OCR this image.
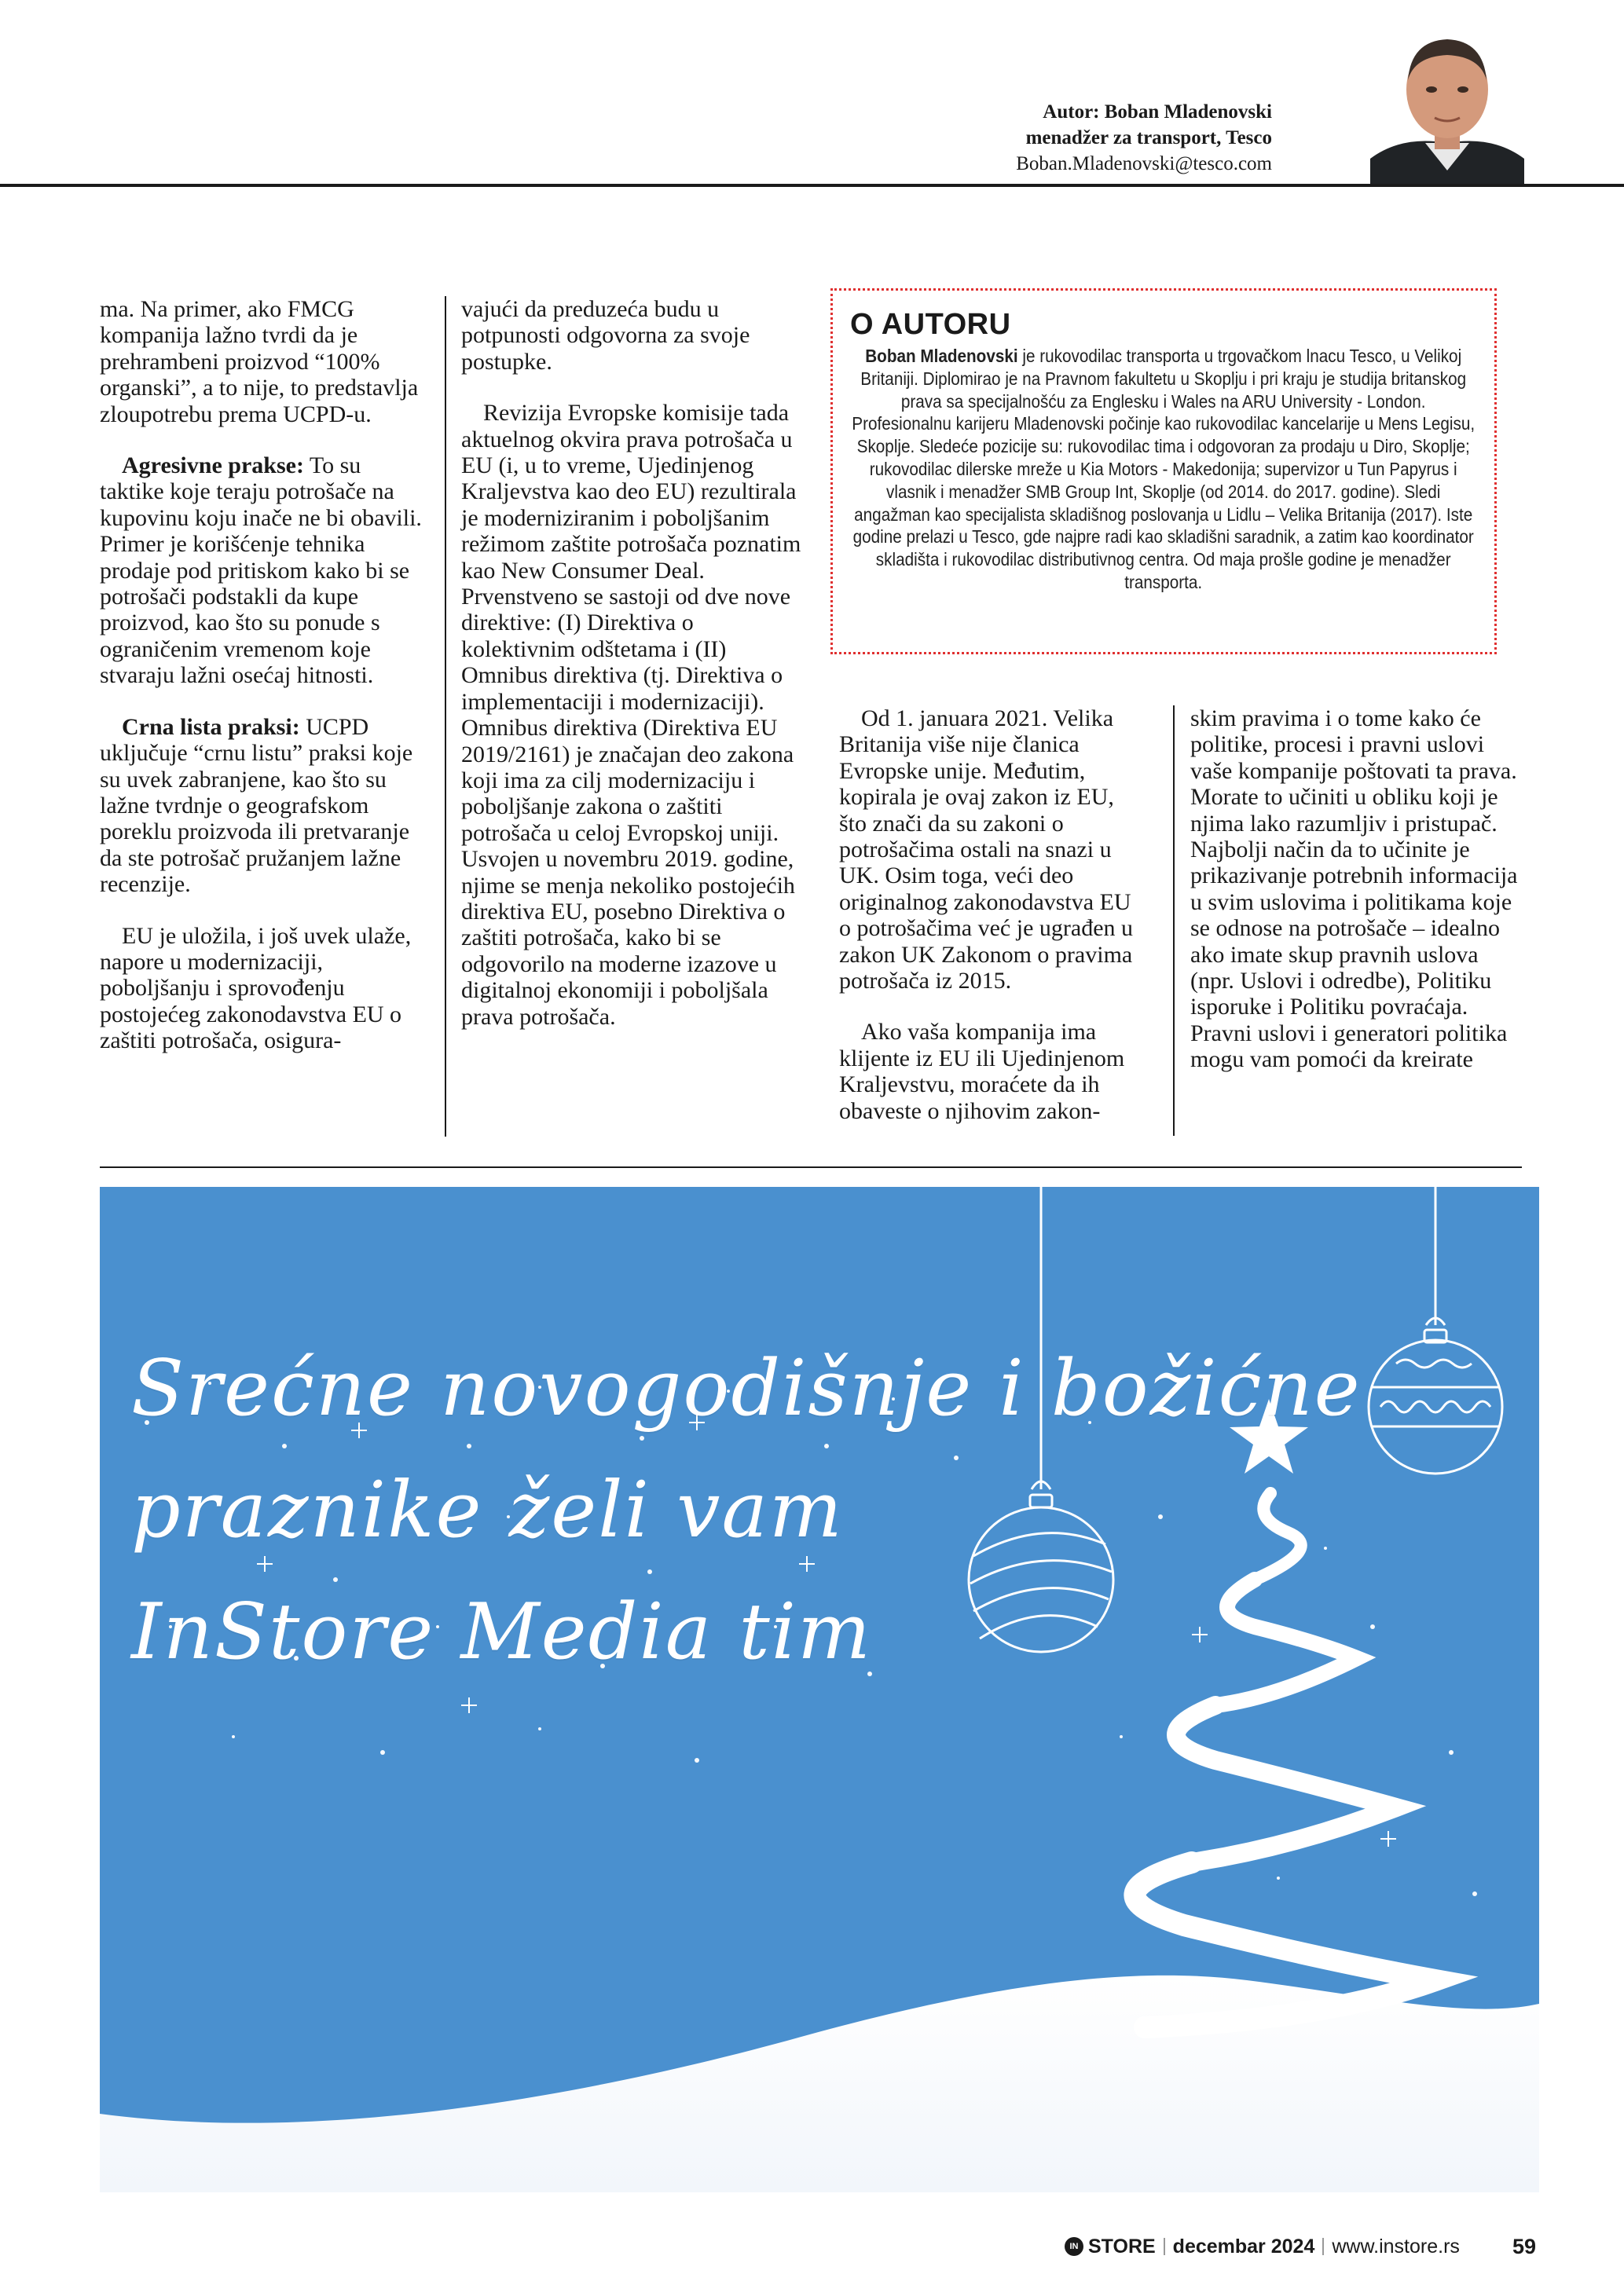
Autor: Boban Mladenovski
menadžer za transport, Tesco
Boban.Mladenovski@tesco.com

ma. Na primer, ako FMCG kompanija lažno tvrdi da je prehrambeni proizvod “100% organski”, a to nije, to predstavlja zloupotrebu prema UCPD-u.

Agresivne prakse: To su taktike koje teraju potrošače na kupovinu koju inače ne bi obavili. Primer je korišćenje tehnika prodaje pod pritiskom kako bi se potrošači podstakli da kupe proizvod, kao što su ponude s ograničenim vremenom koje stvaraju lažni osećaj hitnosti.

Crna lista praksi: UCPD uključuje “crnu listu” praksi koje su uvek zabranjene, kao što su lažne tvrdnje o geografskom poreklu proizvoda ili pretvaranje da ste potrošač pružanjem lažne recenzije.

EU je uložila, i još uvek ulaže, napore u modernizaciji, poboljšanju i sprovođenju postojećeg zakonodavstva EU o zaštiti potrošača, osigura-

vajući da preduzeća budu u potpunosti odgovorna za svoje postupke.

Revizija Evropske komisije tada aktuelnog okvira prava potrošača u EU (i, u to vreme, Ujedinjenog Kraljevstva kao deo EU) rezultirala je moderniziranim i poboljšanim režimom zaštite potrošača poznatim kao New Consumer Deal. Prvenstveno se sastoji od dve nove direktive: (I) Direktiva o kolektivnim odštetama i (II) Omnibus direktiva (tj. Direktiva o implementaciji i modernizaciji). Omnibus direktiva (Direktiva EU 2019/2161) je značajan deo zakona koji ima za cilj modernizaciju i poboljšanje zakona o zaštiti potrošača u celoj Evropskoj uniji. Usvojen u novembru 2019. godine, njime se menja nekoliko postojećih direktiva EU, posebno Direktiva o zaštiti potrošača, kako bi se odgovorilo na moderne izazove u digitalnoj ekonomiji i poboljšala prava potrošača.

O AUTORU

Boban Mladenovski je rukovodilac transporta u trgovačkom lnacu Tesco, u Velikoj Britaniji. Diplomirao je na Pravnom fakultetu u Skoplju i pri kraju je studija britanskog prava sa specijalnošću za Englesku i Wales na ARU University - London. Profesionalnu karijeru Mladenovski počinje kao rukovodilac kancelarije u Mens Legisu, Skoplje. Sledeće pozicije su: rukovodilac tima i odgovoran za prodaju u Diro, Skoplje; rukovodilac dilerske mreže u Kia Motors - Makedonija; supervizor u Tun Papyrus i vlasnik i menadžer SMB Group Int, Skoplje (od 2014. do 2017. godine). Sledi angažman kao specijalista skladišnog poslovanja u Lidlu – Velika Britanija (2017). Iste godine prelazi u Tesco, gde najpre radi kao skladišni saradnik, a zatim kao koordinator skladišta i rukovodilac distributivnog centra. Od maja prošle godine je menadžer transporta.

Od 1. januara 2021. Velika Britanija više nije članica Evropske unije. Međutim, kopirala je ovaj zakon iz EU, što znači da su zakoni o potrošačima ostali na snazi u UK. Osim toga, veći deo originalnog zakonodavstva EU o potrošačima već je ugrađen u zakon UK Zakonom o pravima potrošača iz 2015.

Ako vaša kompanija ima klijente iz EU ili Ujedinjenom Kraljevstvu, moraćete da ih obaveste o njihovim zakon-

skim pravima i o tome kako će politike, procesi i pravni uslovi vaše kompanije poštovati ta prava. Morate to učiniti u obliku koji je njima lako razumljiv i pristupač. Najbolji način da to učinite je prikazivanje potrebnih informacija u svim uslovima i politikama koje se odnose na potrošače – idealno ako imate skup pravnih uslova (npr. Uslovi i odredbe), Politiku isporuke i Politiku povraćaja. Pravni uslovi i generatori politika mogu vam pomoći da kreirate

Srećne novogodišnje i božićne

praznike želi vam

InStore Media tim

IN STORE decembar 2024 www.instore.rs 59
